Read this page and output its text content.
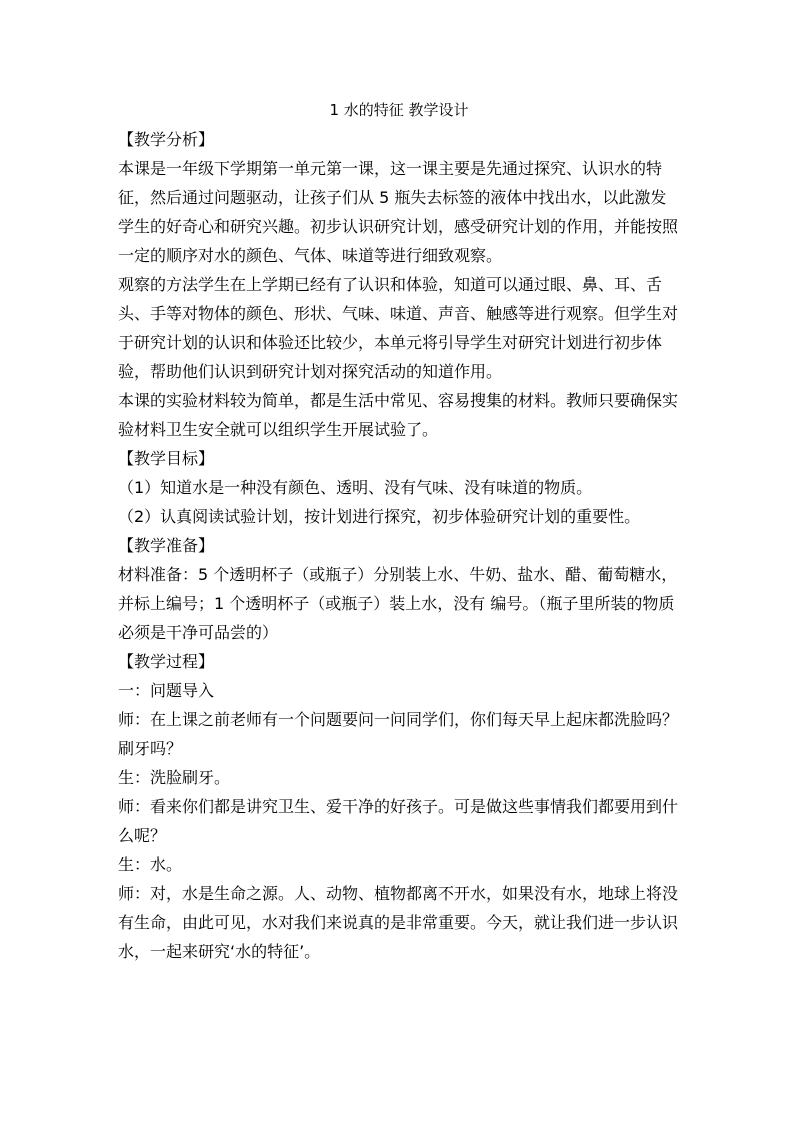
1 水的特征 教学设计

【教学分析】

本课是一年级下学期第一单元第一课，这一课主要是先通过探究、认识水的特征，然后通过问题驱动，让孩子们从 5 瓶失去标签的液体中找出水，以此激发学生的好奇心和研究兴趣。初步认识研究计划，感受研究计划的作用，并能按照一定的顺序对水的颜色、气体、味道等进行细致观察。

观察的方法学生在上学期已经有了认识和体验，知道可以通过眼、鼻、耳、舌头、手等对物体的颜色、形状、气味、味道、声音、触感等进行观察。但学生对于研究计划的认识和体验还比较少，本单元将引导学生对研究计划进行初步体验，帮助他们认识到研究计划对探究活动的知道作用。

本课的实验材料较为简单，都是生活中常见、容易搜集的材料。教师只要确保实验材料卫生安全就可以组织学生开展试验了。

【教学目标】

（1）知道水是一种没有颜色、透明、没有气味、没有味道的物质。

（2）认真阅读试验计划，按计划进行探究，初步体验研究计划的重要性。

【教学准备】

材料准备：5 个透明杯子（或瓶子）分别装上水、牛奶、盐水、醋、葡萄糖水，并标上编号；1 个透明杯子（或瓶子）装上水，没有 编号。（瓶子里所装的物质必须是干净可品尝的）

【教学过程】

一：问题导入

师：在上课之前老师有一个问题要问一问同学们，你们每天早上起床都洗脸吗？刷牙吗？

生：洗脸刷牙。

师：看来你们都是讲究卫生、爱干净的好孩子。可是做这些事情我们都要用到什么呢？

生：水。

师：对，水是生命之源。人、动物、植物都离不开水，如果没有水，地球上将没有生命，由此可见，水对我们来说真的是非常重要。今天，就让我们进一步认识水，一起来研究‘水的特征’。
